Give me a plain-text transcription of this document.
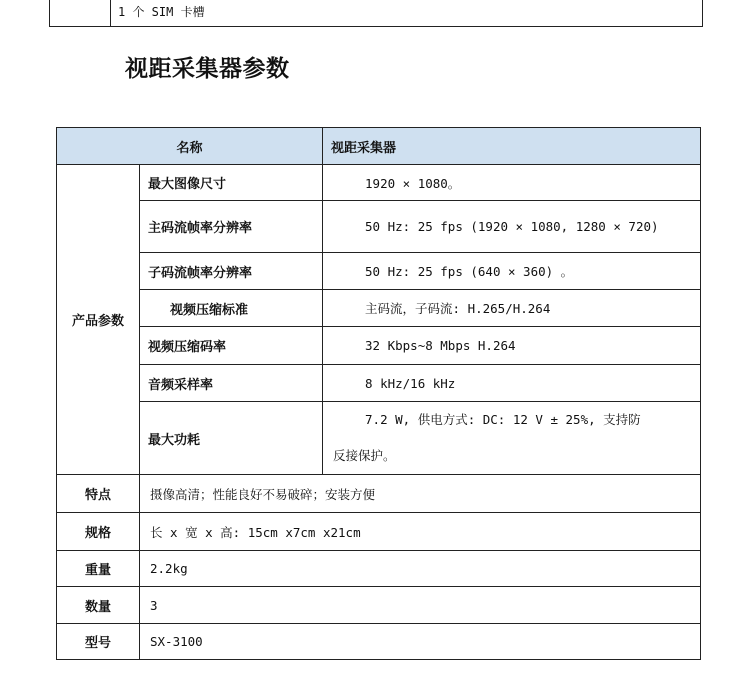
1 个 SIM 卡槽
视距采集器参数
名称		视距采集器
产品参数	最大图像尺寸	1920 × 1080。
	主码流帧率分辨率	50 Hz: 25 fps (1920 × 1080, 1280 × 720)
	子码流帧率分辨率	50 Hz: 25 fps (640 × 360) 。
	视频压缩标准	主码流，子码流: H.265/H.264
	视频压缩码率	32 Kbps~8 Mbps H.264
	音频采样率	8 kHz/16 kHz
	最大功耗	7.2 W, 供电方式: DC: 12 V ± 25%, 支持防
反接保护。
特点	摄像高清；性能良好不易破碎；安装方便	
规格	长 x 宽 x 高: 15cm x7cm x21cm	
重量	2.2kg	
数量	3	
型号	SX-3100	
